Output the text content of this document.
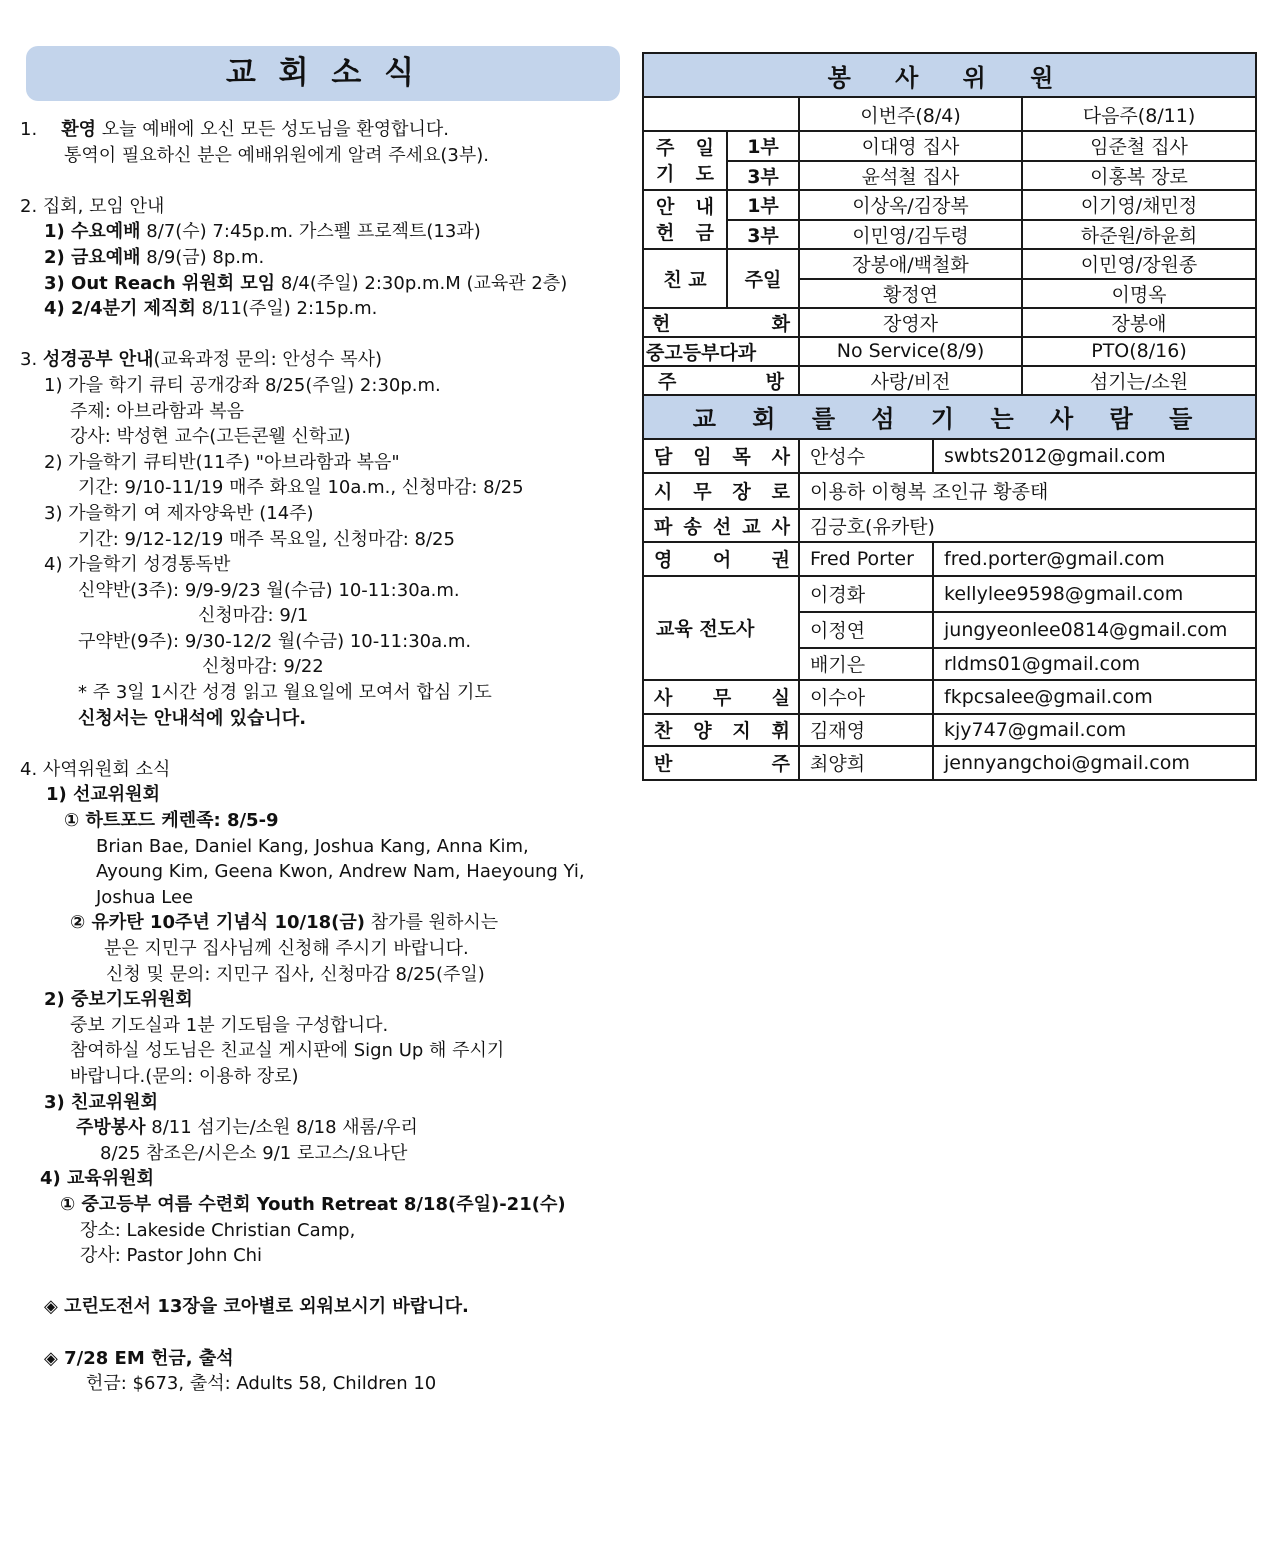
교 회 소 식
1. 환영 오늘 예배에 오신 모든 성도님을 환영합니다.
통역이 필요하신 분은 예배위원에게 알려 주세요(3부).
2. 집회, 모임 안내
1) 수요예배 8/7(수) 7:45p.m. 가스펠 프로젝트(13과)
2) 금요예배 8/9(금) 8p.m.
3) Out Reach 위원회 모임 8/4(주일) 2:30p.m.M (교육관 2층)
4) 2/4분기 제직회 8/11(주일) 2:15p.m.
3. 성경공부 안내(교육과정 문의: 안성수 목사)
1) 가을 학기 큐티 공개강좌 8/25(주일) 2:30p.m.
주제: 아브라함과 복음
강사: 박성현 교수(고든콘웰 신학교)
2) 가을학기 큐티반(11주) "아브라함과 복음"
기간: 9/10-11/19 매주 화요일 10a.m., 신청마감: 8/25
3) 가을학기 여 제자양육반 (14주)
기간: 9/12-12/19 매주 목요일, 신청마감: 8/25
4) 가을학기 성경통독반
신약반(3주): 9/9-9/23 월(수금) 10-11:30a.m.
신청마감: 9/1
구약반(9주): 9/30-12/2 월(수금) 10-11:30a.m.
신청마감: 9/22
* 주 3일 1시간 성경 읽고 월요일에 모여서 합심 기도
신청서는 안내석에 있습니다.
4. 사역위원회 소식
1) 선교위원회
① 하트포드 케렌족: 8/5-9
Brian Bae, Daniel Kang, Joshua Kang, Anna Kim,
Ayoung Kim, Geena Kwon, Andrew Nam, Haeyoung Yi,
Joshua Lee
② 유카탄 10주년 기념식 10/18(금) 참가를 원하시는
분은 지민구 집사님께 신청해 주시기 바랍니다.
신청 및 문의: 지민구 집사, 신청마감 8/25(주일)
2) 중보기도위원회
중보 기도실과 1분 기도팀을 구성합니다.
참여하실 성도님은 친교실 게시판에 Sign Up 해 주시기
바랍니다.(문의: 이용하 장로)
3) 친교위원회
주방봉사 8/11 섬기는/소원 8/18 새롬/우리
8/25 참조은/시은소 9/1 로고스/요나단
4) 교육위원회
① 중고등부 여름 수련회 Youth Retreat 8/18(주일)-21(수)
장소: Lakeside Christian Camp,
강사: Pastor John Chi
◈ 고린도전서 13장을 코아별로 외워보시기 바랍니다.
◈ 7/28 EM 헌금, 출석
헌금: $673, 출석: Adults 58, Children 10
봉 사 위 원			
		이번주(8/4)	다음주(8/11)

주 일
기 도	1부	이대영 집사	임준철 집사
	3부	윤석철 집사	이홍복 장로

안 내
헌 금	1부	이상옥/김장복	이기영/채민정
	3부	이민영/김두령	하준원/하윤희
친 교	주일	장봉애/백철화	이민영/장원종
		황정연	이명옥
헌 화		장영자	장봉애
중고등부다과		No Service(8/9)	PTO(8/16)
주 방		사랑/비전	섬기는/소원
교 회 를 섬 기 는 사 람 들		
담 임 목 사	안성수	swbts2012@gmail.com
시 무 장 로	이용하 이형복 조인규 황종태	
파 송 선 교 사	김긍호(유카탄)	
영 어 권	Fred Porter	fred.porter@gmail.com
교육 전도사	이경화	kellylee9598@gmail.com
	이정연	jungyeonlee0814@gmail.com
	배기은	rldms01@gmail.com
사 무 실	이수아	fkpcsalee@gmail.com
찬 양 지 휘	김재영	kjy747@gmail.com
반 주	최양희	jennyangchoi@gmail.com
